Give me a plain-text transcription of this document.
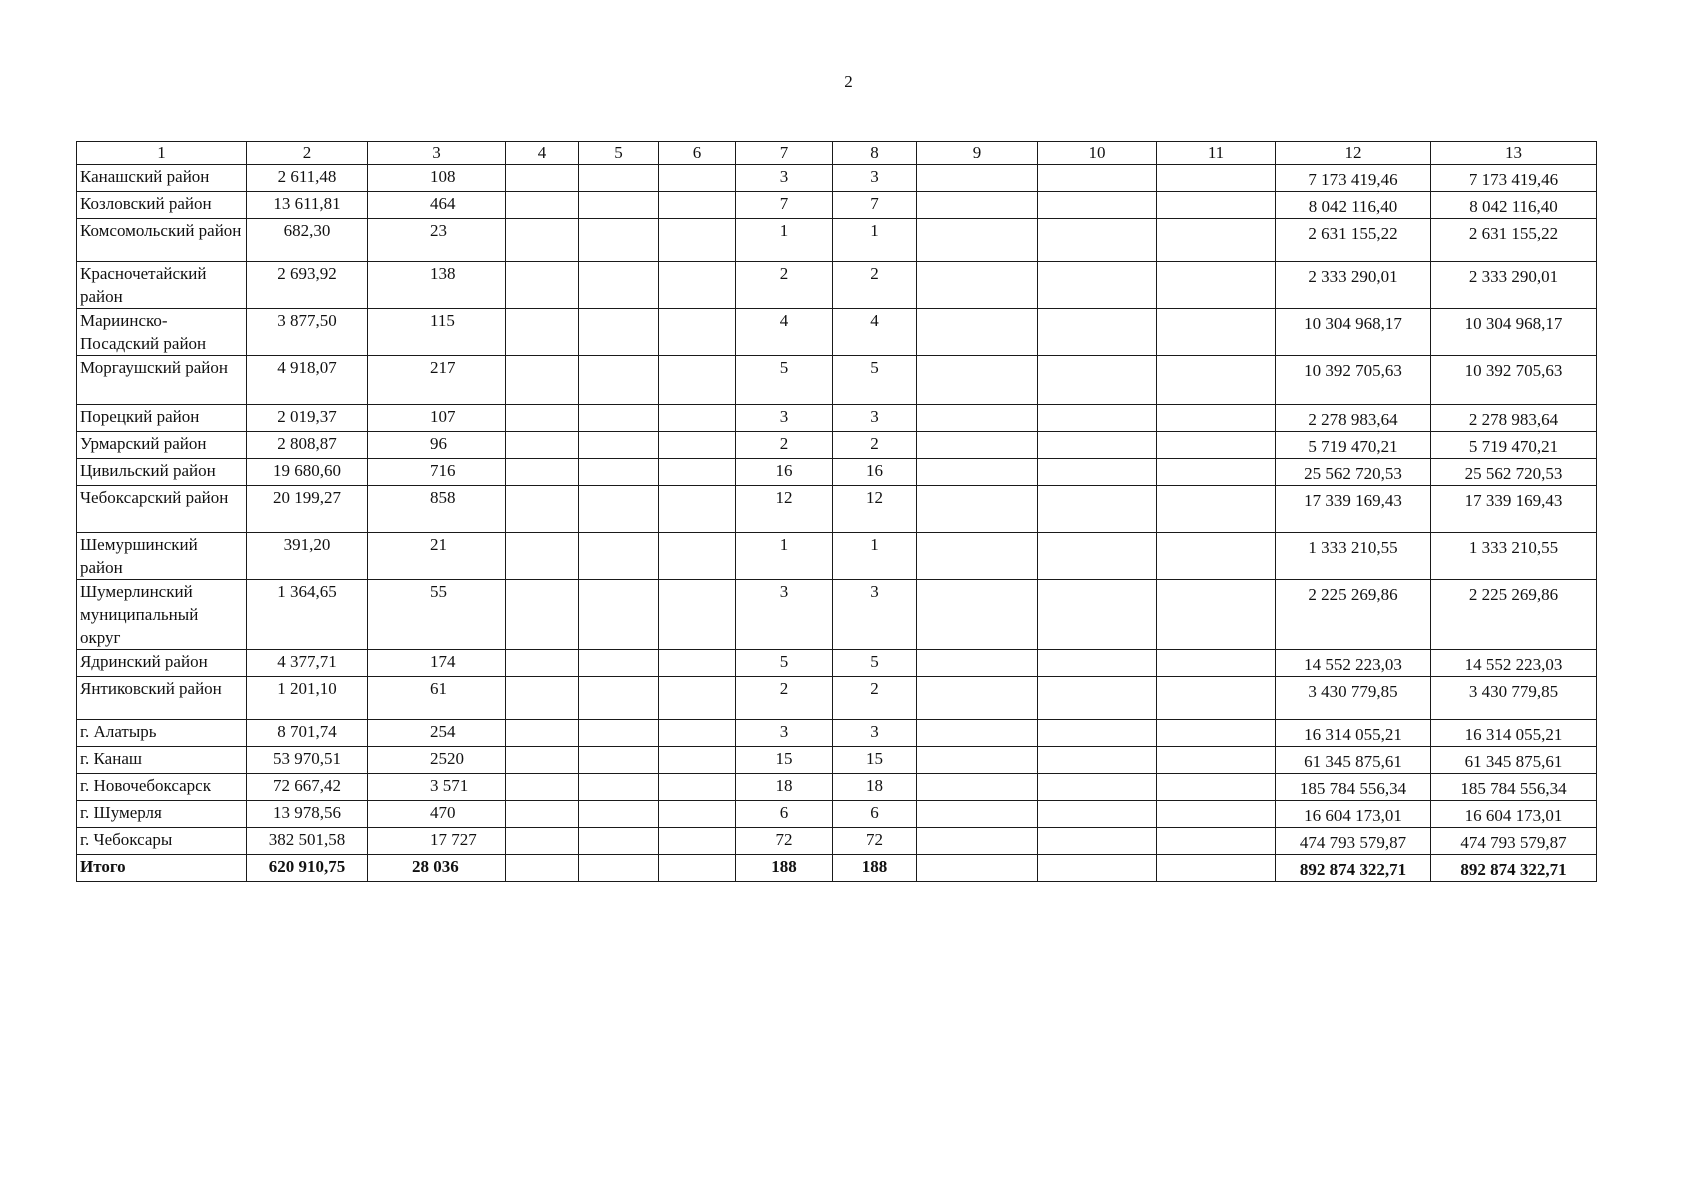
2
1	2	3	4	5	6	7	8	9	10	11	12	13
Канашский район	2 611,48	108				3	3				7 173 419,46	7 173 419,46
Козловский район	13 611,81	464				7	7				8 042 116,40	8 042 116,40
Комсомольский район	682,30	23				1	1				2 631 155,22	2 631 155,22
Красночетайский район	2 693,92	138				2	2				2 333 290,01	2 333 290,01
Мариинско-Посадский район	3 877,50	115				4	4				10 304 968,17	10 304 968,17
Моргаушский район	4 918,07	217				5	5				10 392 705,63	10 392 705,63
Порецкий район	2 019,37	107				3	3				2 278 983,64	2 278 983,64
Урмарский район	2 808,87	96				2	2				5 719 470,21	5 719 470,21
Цивильский район	19 680,60	716				16	16				25 562 720,53	25 562 720,53
Чебоксарский район	20 199,27	858				12	12				17 339 169,43	17 339 169,43
Шемуршинский район	391,20	21				1	1				1 333 210,55	1 333 210,55
Шумерлинский муниципальный округ	1 364,65	55				3	3				2 225 269,86	2 225 269,86
Ядринский район	4 377,71	174				5	5				14 552 223,03	14 552 223,03
Янтиковский район	1 201,10	61				2	2				3 430 779,85	3 430 779,85
г. Алатырь	8 701,74	254				3	3				16 314 055,21	16 314 055,21
г. Канаш	53 970,51	2520				15	15				61 345 875,61	61 345 875,61
г. Новочебоксарск	72 667,42	3 571				18	18				185 784 556,34	185 784 556,34
г. Шумерля	13 978,56	470				6	6				16 604 173,01	16 604 173,01
г. Чебоксары	382 501,58	17 727				72	72				474 793 579,87	474 793 579,87
Итого	620 910,75	28 036				188	188				892 874 322,71	892 874 322,71
